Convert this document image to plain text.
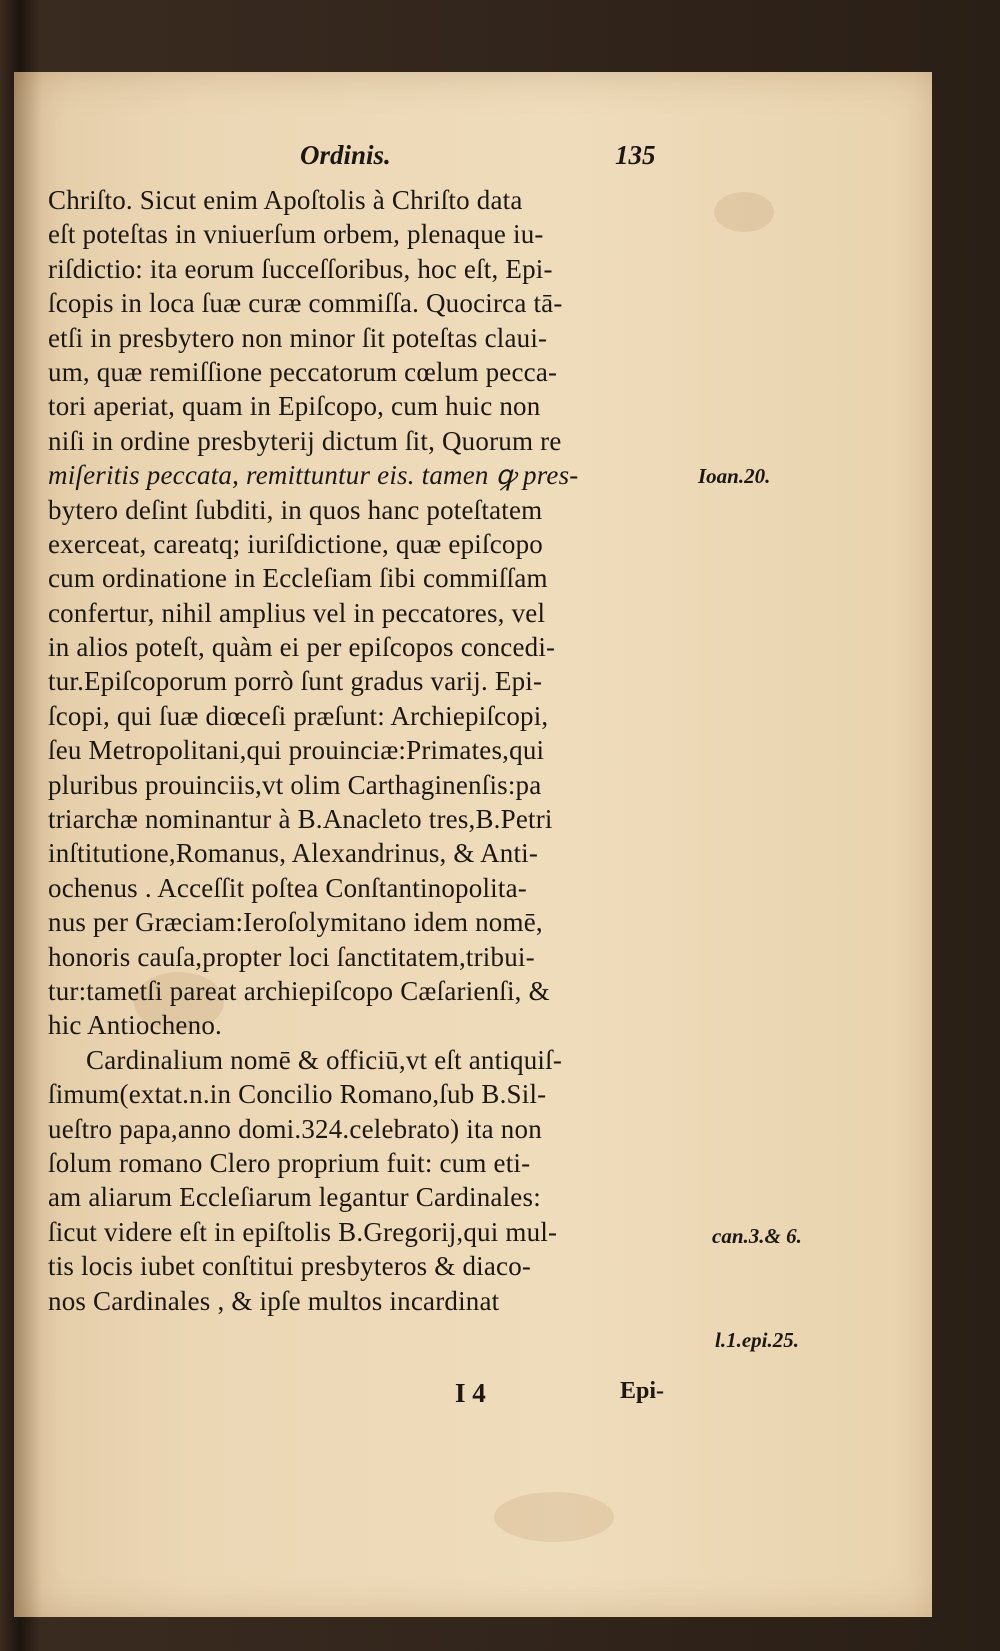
Ordinis.	135
Chriſto. Sicut enim Apoſtolis à Chriſto data
eſt poteſtas in vniuerſum orbem, plenaque iu-
riſdictio: ita eorum ſucceſſoribus, hoc eſt, Epi-
ſcopis in loca ſuæ curæ commiſſa. Quocirca tā-
etſi in presbytero non minor ſit poteſtas claui-
um, quæ remiſſione peccatorum cœlum pecca-
tori aperiat, quam in Epiſcopo, cum huic non
niſi in ordine presbyterij dictum ſit, Quorum re
miſeritis peccata, remittuntur eis. tamen ꝙ pres-
bytero deſint ſubditi, in quos hanc poteſtatem
exerceat, careatq; iuriſdictione, quæ epiſcopo
cum ordinatione in Eccleſiam ſibi commiſſam
confertur, nihil amplius vel in peccatores, vel
in alios poteſt, quàm ei per epiſcopos concedi-
tur.Epiſcoporum porrò ſunt gradus varij. Epi-
ſcopi, qui ſuæ diœceſi præſunt: Archiepiſcopi,
ſeu Metropolitani,qui prouinciæ:Primates,qui
pluribus prouinciis,vt olim Carthaginenſis:pa
triarchæ nominantur à B.Anacleto tres,B.Petri
inſtitutione,Romanus, Alexandrinus, & Anti-
ochenus . Acceſſit poſtea Conſtantinopolita-
nus per Græciam:Ieroſolymitano idem nomē,
honoris cauſa,propter loci ſanctitatem,tribui-
tur:tametſi pareat archiepiſcopo Cæſarienſi, &
hic Antiocheno.
Cardinalium nomē & officiū,vt eſt antiquiſ-
ſimum(extat.n.in Concilio Romano,ſub B.Sil-
ueſtro papa,anno domi.324.celebrato) ita non
ſolum romano Clero proprium fuit: cum eti-
am aliarum Eccleſiarum legantur Cardinales:
ſicut videre eſt in epiſtolis B.Gregorij,qui mul-
tis locis iubet conſtitui presbyteros & diaco-
nos Cardinales , & ipſe multos incardinat
Ioan.20.
can.3.& 6.
l.1.epi.25.
I 4	Epi-
